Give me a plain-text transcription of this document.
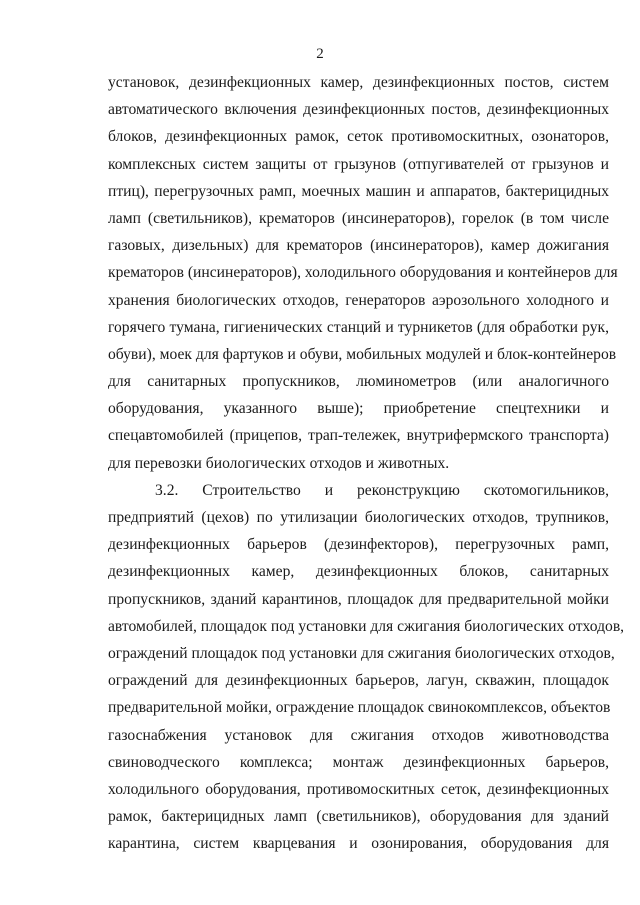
2
установок, дезинфекционных камер, дезинфекционных постов, систем
автоматического включения дезинфекционных постов, дезинфекционных
блоков, дезинфекционных рамок, сеток противомоскитных, озонаторов,
комплексных систем защиты от грызунов (отпугивателей от грызунов и
птиц), перегрузочных рамп, моечных машин и аппаратов, бактерицидных
ламп (светильников), крематоров (инсинераторов), горелок (в том числе
газовых, дизельных) для крематоров (инсинераторов), камер дожигания
крематоров (инсинераторов), холодильного оборудования и контейнеров для
хранения биологических отходов, генераторов аэрозольного холодного и
горячего тумана, гигиенических станций и турникетов (для обработки рук,
обуви), моек для фартуков и обуви, мобильных модулей и блок-контейнеров
для санитарных пропускников, люминометров (или аналогичного
оборудования, указанного выше); приобретение спецтехники и
спецавтомобилей (прицепов, трап-тележек, внутрифермского транспорта)
для перевозки биологических отходов и животных.
3.2. Строительство и реконструкцию скотомогильников,
предприятий (цехов) по утилизации биологических отходов, трупников,
дезинфекционных барьеров (дезинфекторов), перегрузочных рамп,
дезинфекционных камер, дезинфекционных блоков, санитарных
пропускников, зданий карантинов, площадок для предварительной мойки
автомобилей, площадок под установки для сжигания биологических отходов,
ограждений площадок под установки для сжигания биологических отходов,
ограждений для дезинфекционных барьеров, лагун, скважин, площадок
предварительной мойки, ограждение площадок свинокомплексов, объектов
газоснабжения установок для сжигания отходов животноводства
свиноводческого комплекса; монтаж дезинфекционных барьеров,
холодильного оборудования, противомоскитных сеток, дезинфекционных
рамок, бактерицидных ламп (светильников), оборудования для зданий
карантина, систем кварцевания и озонирования, оборудования для
